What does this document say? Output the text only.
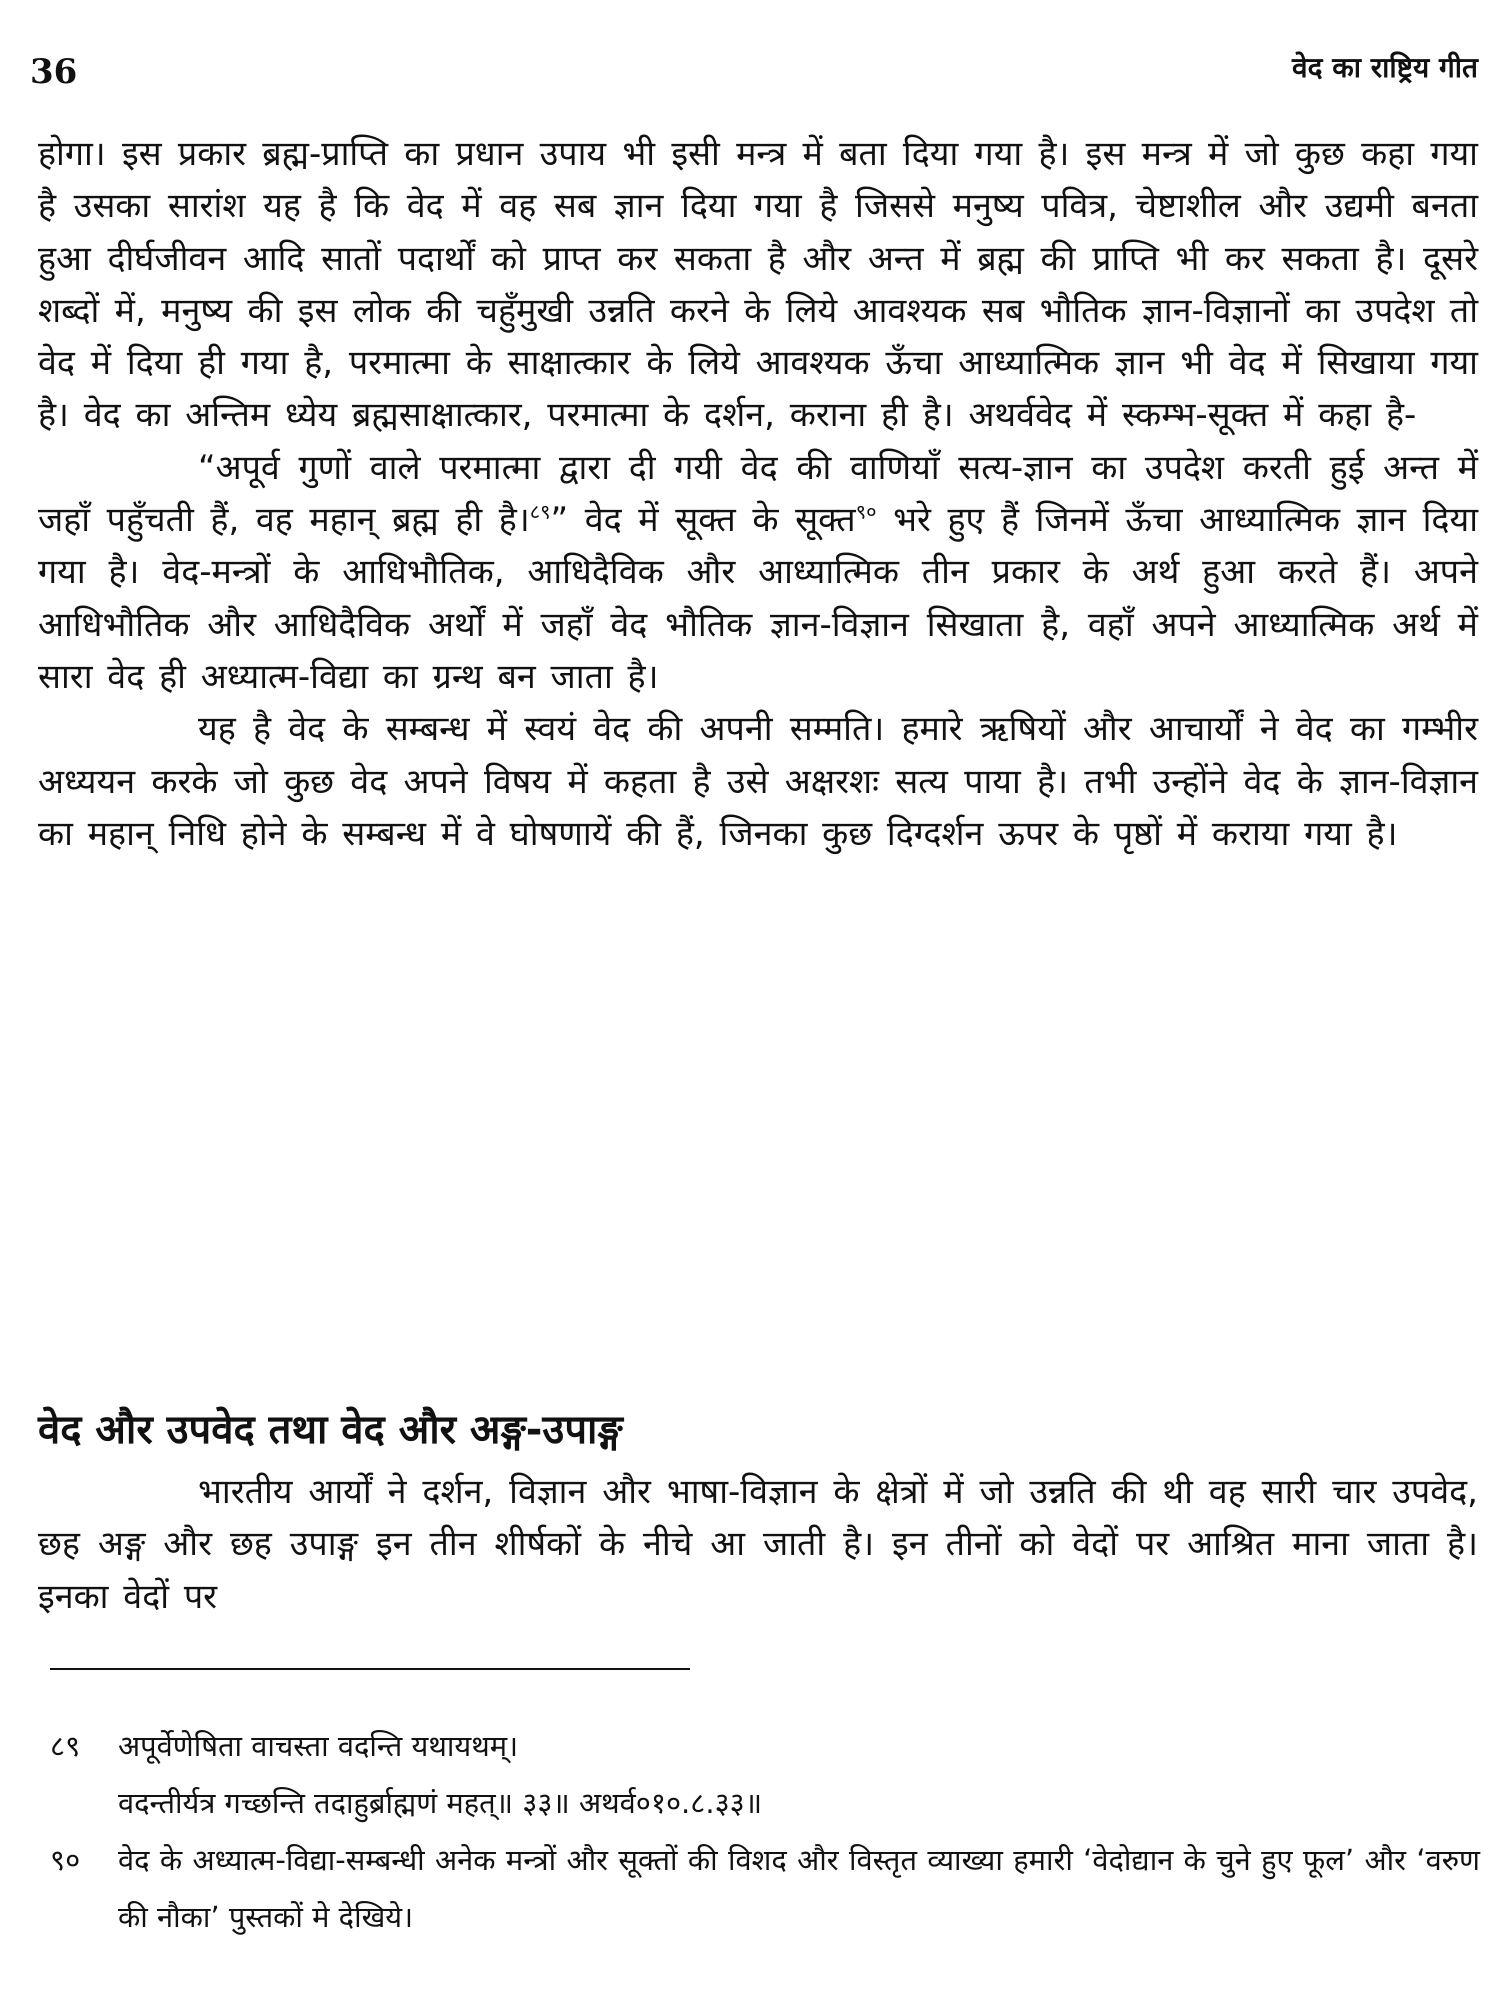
36	वेद का राष्ट्रिय गीत

होगा। इस प्रकार ब्रह्म-प्राप्ति का प्रधान उपाय भी इसी मन्त्र में बता दिया गया है। इस मन्त्र में जो कुछ कहा गया है उसका सारांश यह है कि वेद में वह सब ज्ञान दिया गया है जिससे मनुष्य पवित्र, चेष्टाशील और उद्यमी बनता हुआ दीर्घजीवन आदि सातों पदार्थों को प्राप्त कर सकता है और अन्त में ब्रह्म की प्राप्ति भी कर सकता है। दूसरे शब्दों में, मनुष्य की इस लोक की चहुँमुखी उन्नति करने के लिये आवश्यक सब भौतिक ज्ञान-विज्ञानों का उपदेश तो वेद में दिया ही गया है, परमात्मा के साक्षात्कार के लिये आवश्यक ऊँचा आध्यात्मिक ज्ञान भी वेद में सिखाया गया है। वेद का अन्तिम ध्येय ब्रह्मसाक्षात्कार, परमात्मा के दर्शन, कराना ही है। अथर्ववेद में स्कम्भ-सूक्त में कहा है-

“अपूर्व गुणों वाले परमात्मा द्वारा दी गयी वेद की वाणियाँ सत्य-ज्ञान का उपदेश करती हुई अन्त में जहाँ पहुँचती हैं, वह महान् ब्रह्म ही है।$^{८९}$” वेद में सूक्त के सूक्त$^{९०}$ भरे हुए हैं जिनमें ऊँचा आध्यात्मिक ज्ञान दिया गया है। वेद-मन्त्रों के आधिभौतिक, आधिदैविक और आध्यात्मिक तीन प्रकार के अर्थ हुआ करते हैं। अपने आधिभौतिक और आधिदैविक अर्थों में जहाँ वेद भौतिक ज्ञान-विज्ञान सिखाता है, वहाँ अपने आध्यात्मिक अर्थ में सारा वेद ही अध्यात्म-विद्या का ग्रन्थ बन जाता है।

यह है वेद के सम्बन्ध में स्वयं वेद की अपनी सम्मति। हमारे ऋषियों और आचार्यों ने वेद का गम्भीर अध्ययन करके जो कुछ वेद अपने विषय में कहता है उसे अक्षरशः सत्य पाया है। तभी उन्होंने वेद के ज्ञान-विज्ञान का महान् निधि होने के सम्बन्ध में वे घोषणायें की हैं, जिनका कुछ दिग्दर्शन ऊपर के पृष्ठों में कराया गया है।

वेद और उपवेद तथा वेद और अङ्ग-उपाङ्ग

भारतीय आर्यों ने दर्शन, विज्ञान और भाषा-विज्ञान के क्षेत्रों में जो उन्नति की थी वह सारी चार उपवेद, छह अङ्ग और छह उपाङ्ग इन तीन शीर्षकों के नीचे आ जाती है। इन तीनों को वेदों पर आश्रित माना जाता है। इनका वेदों पर

८९	अपूर्वेणेषिता वाचस्ता वदन्ति यथायथम्।
वदन्तीर्यत्र गच्छन्ति तदाहुर्ब्राह्मणं महत्॥ ३३॥ अथर्व०१०.८.३३॥
९०	वेद के अध्यात्म-विद्या-सम्बन्धी अनेक मन्त्रों और सूक्तों की विशद और विस्तृत व्याख्या हमारी ‘वेदोद्यान के चुने हुए फूल’ और ‘वरुण की नौका’ पुस्तकों मे देखिये।
